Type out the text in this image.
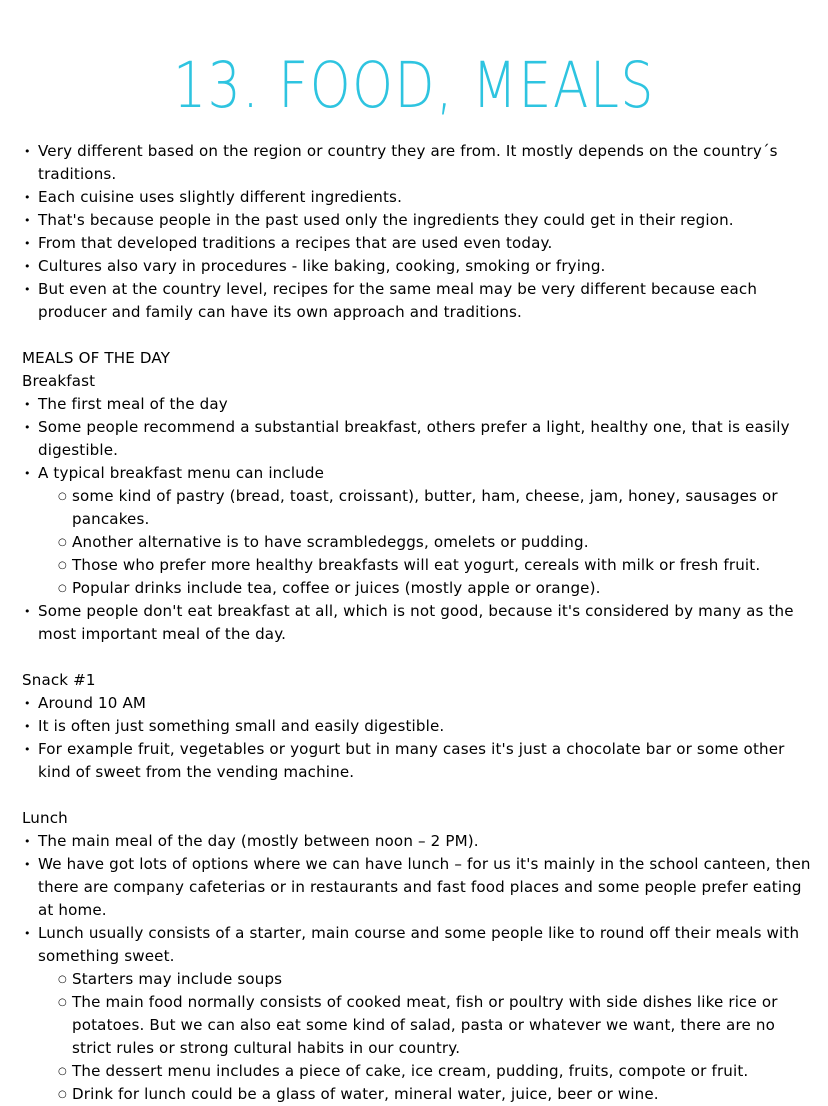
13. FOOD, MEALS
• Very different based on the region or country they are from. It mostly depends on the country´s traditions.
• Each cuisine uses slightly different ingredients.
• That's because people in the past used only the ingredients they could get in their region.
• From that developed traditions a recipes that are used even today.
• Cultures also vary in procedures - like baking, cooking, smoking or frying.
• But even at the country level, recipes for the same meal may be very different because each producer and family can have its own approach and traditions.

MEALS OF THE DAY

Breakfast

• The first meal of the day
• Some people recommend a substantial breakfast, others prefer a light, healthy one, that is easily digestible.
• A typical breakfast menu can include
○ some kind of pastry (bread, toast, croissant), butter, ham, cheese, jam, honey, sausages or pancakes.
○ Another alternative is to have scrambledeggs, omelets or pudding.
○ Those who prefer more healthy breakfasts will eat yogurt, cereals with milk or fresh fruit.
○ Popular drinks include tea, coffee or juices (mostly apple or orange).
• Some people don't eat breakfast at all, which is not good, because it's considered by many as the most important meal of the day.

Snack #1

• Around 10 AM
• It is often just something small and easily digestible.
• For example fruit, vegetables or yogurt but in many cases it's just a chocolate bar or some other kind of sweet from the vending machine.

Lunch

• The main meal of the day (mostly between noon – 2 PM).
• We have got lots of options where we can have lunch – for us it's mainly in the school canteen, then there are company cafeterias or in restaurants and fast food places and some people prefer eating at home.
• Lunch usually consists of a starter, main course and some people like to round off their meals with something sweet.
○ Starters may include soups
○ The main food normally consists of cooked meat, fish or poultry with side dishes like rice or potatoes. But we can also eat some kind of salad, pasta or whatever we want, there are no strict rules or strong cultural habits in our country.
○ The dessert menu includes a piece of cake, ice cream, pudding, fruits, compote or fruit.
○ Drink for lunch could be a glass of water, mineral water, juice, beer or wine.
